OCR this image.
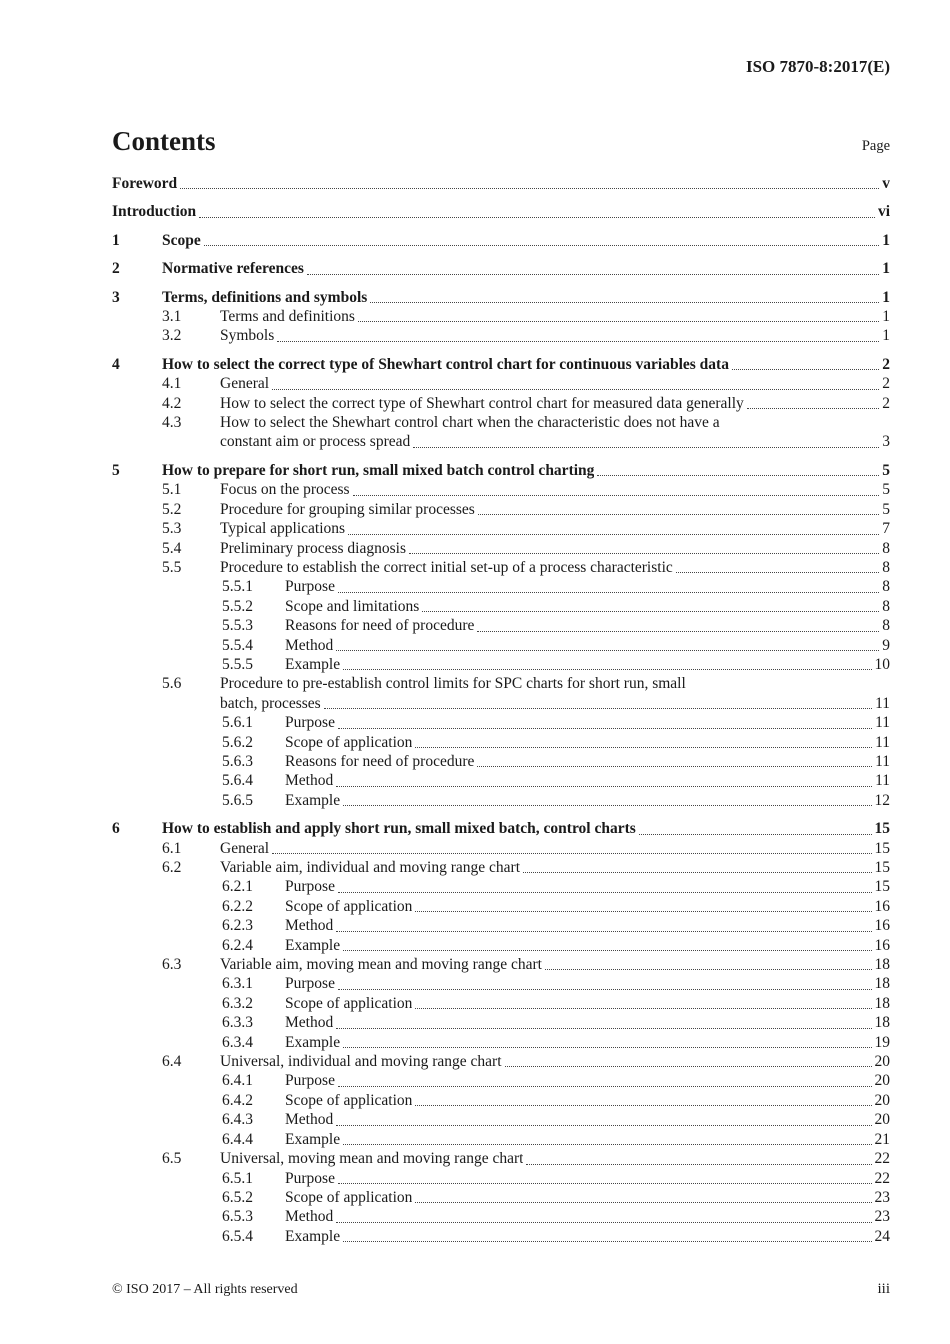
ISO 7870-8:2017(E)
Contents	Page
Foreword	v
Introduction	vi
1	Scope	1
2	Normative references	1
3	Terms, definitions and symbols	1
3.1	Terms and definitions	1
3.2	Symbols	1
4	How to select the correct type of Shewhart control chart for continuous variables data	2
4.1	General	2
4.2	How to select the correct type of Shewhart control chart for measured data generally	2
4.3	How to select the Shewhart control chart when the characteristic does not have a
constant aim or process spread	3
5	How to prepare for short run, small mixed batch control charting	5
5.1	Focus on the process	5
5.2	Procedure for grouping similar processes	5
5.3	Typical applications	7
5.4	Preliminary process diagnosis	8
5.5	Procedure to establish the correct initial set-up of a process characteristic	8
5.5.1	Purpose	8
5.5.2	Scope and limitations	8
5.5.3	Reasons for need of procedure	8
5.5.4	Method	9
5.5.5	Example	10
5.6	Procedure to pre-establish control limits for SPC charts for short run, small
batch, processes	11
5.6.1	Purpose	11
5.6.2	Scope of application	11
5.6.3	Reasons for need of procedure	11
5.6.4	Method	11
5.6.5	Example	12
6	How to establish and apply short run, small mixed batch, control charts	15
6.1	General	15
6.2	Variable aim, individual and moving range chart	15
6.2.1	Purpose	15
6.2.2	Scope of application	16
6.2.3	Method	16
6.2.4	Example	16
6.3	Variable aim, moving mean and moving range chart	18
6.3.1	Purpose	18
6.3.2	Scope of application	18
6.3.3	Method	18
6.3.4	Example	19
6.4	Universal, individual and moving range chart	20
6.4.1	Purpose	20
6.4.2	Scope of application	20
6.4.3	Method	20
6.4.4	Example	21
6.5	Universal, moving mean and moving range chart	22
6.5.1	Purpose	22
6.5.2	Scope of application	23
6.5.3	Method	23
6.5.4	Example	24
© ISO 2017 – All rights reserved	iii
